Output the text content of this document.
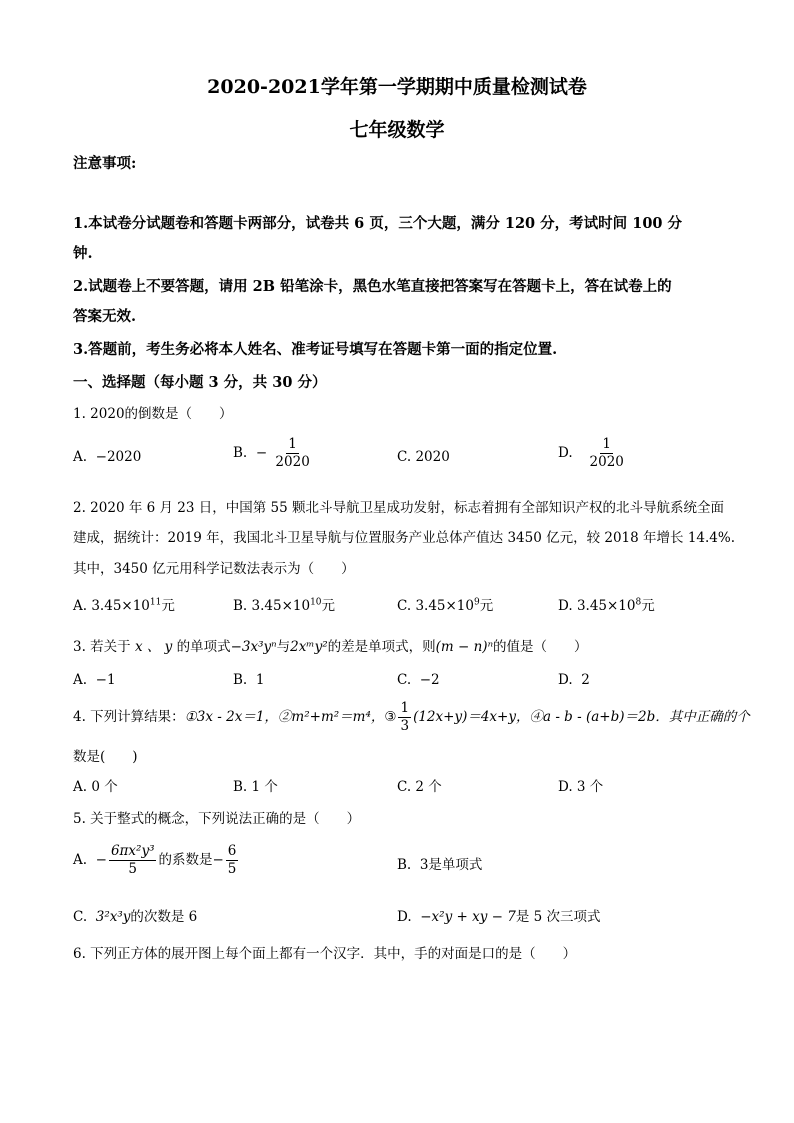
2020-2021学年第一学期期中质量检测试卷
七年级数学
注意事项:
1.本试卷分试题卷和答题卡两部分，试卷共 6 页，三个大题，满分 120 分，考试时间 100 分
钟.
2.试题卷上不要答题，请用 2B 铅笔涂卡，黑色水笔直接把答案写在答题卡上，答在试卷上的
答案无效.
3.答题前，考生务必将本人姓名、准考证号填写在答题卡第一面的指定位置.
一、选择题（每小题 3 分，共 30 分）
1. 2020的倒数是（　　）
A. −2020	B. − $\frac{1}{2020}$	C. 2020	D. $\frac{1}{2020}$
2. 2020 年 6 月 23 日，中国第 55 颗北斗导航卫星成功发射，标志着拥有全部知识产权的北斗导航系统全面
建成，据统计：2019 年，我国北斗卫星导航与位置服务产业总体产值达 3450 亿元，较 2018 年增长 14.4%.
其中，3450 亿元用科学记数法表示为（　　）
A. $3.45\times 10^{11}$元	B. $3.45\times 10^{10}$元	C. $3.45\times 10^9$元	D. $3.45\times 10^8$元
3. 若关于 x 、 y 的单项式−3x³yⁿ与2xᵐy²的差是单项式，则(m − n)ⁿ的值是（　　）
A. −1	B. 1	C. −2	D. 2
4. 下列计算结果：①3x - 2x＝1，②m²+m²＝m⁴，③ $\frac{1}{3} (12x+y)=4x+y$，④a - b - (a+b)＝2b．其中正确的个
数是(　　)
A. 0 个	B. 1 个	C. 2 个	D. 3 个
5. 关于整式的概念，下列说法正确的是（　　）
A. − $\frac{\text{6πx²y³}}{5}$ 的系数是− $\frac{6}{5}$	B. 3是单项式
C. 3²x³y的次数是 6	D. −x²y + xy − 7是 5 次三项式
6. 下列正方体的展开图上每个面上都有一个汉字．其中，手的对面是口的是（　　）
